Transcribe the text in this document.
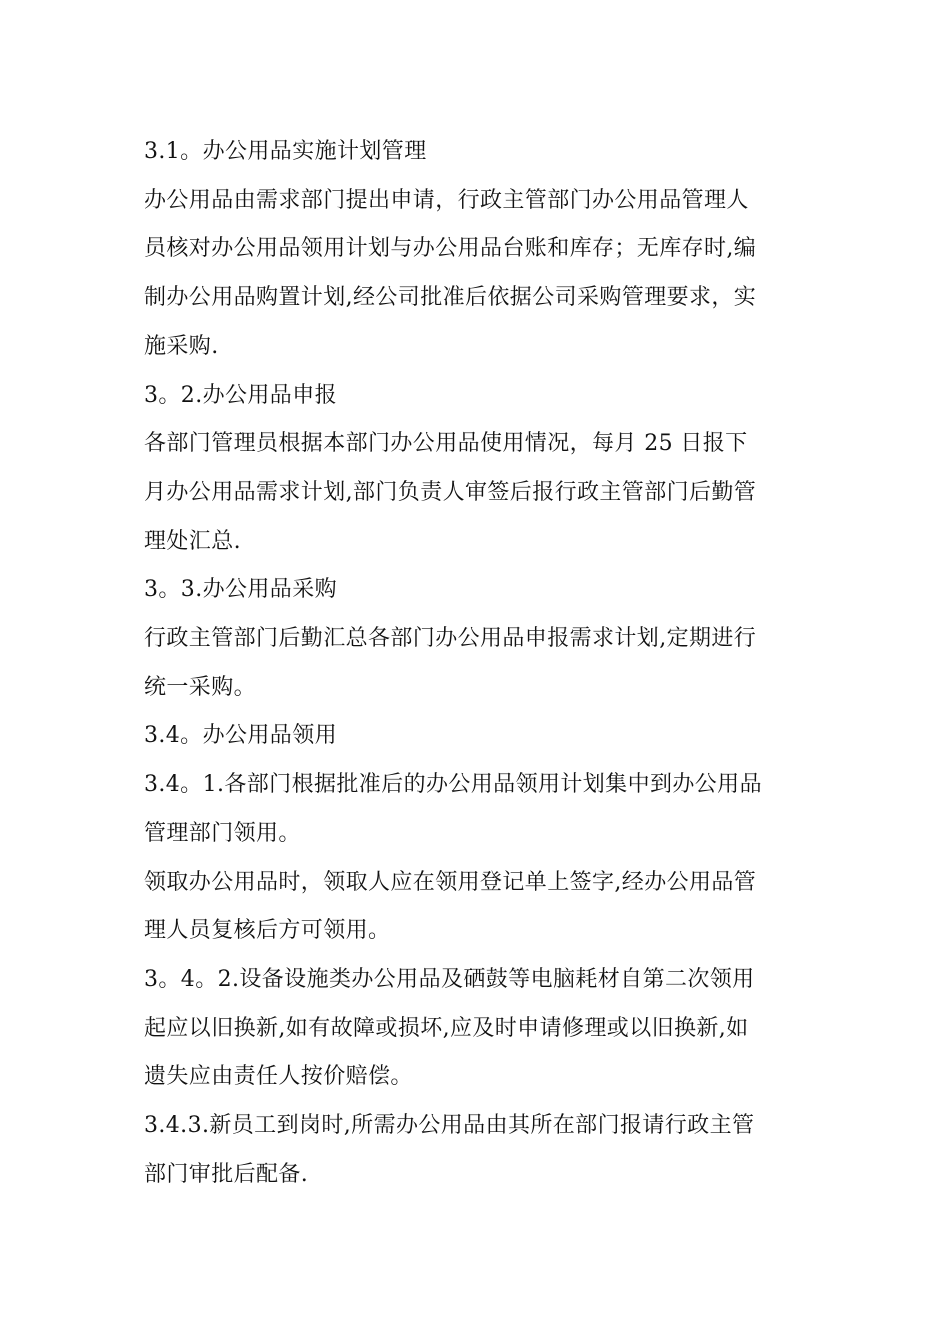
3.1。办公用品实施计划管理

办公用品由需求部门提出申请，行政主管部门办公用品管理人
员核对办公用品领用计划与办公用品台账和库存；无库存时,编
制办公用品购置计划,经公司批准后依据公司采购管理要求，实
施采购.

3。2.办公用品申报

各部门管理员根据本部门办公用品使用情况，每月 25 日报下
月办公用品需求计划,部门负责人审签后报行政主管部门后勤管
理处汇总.

3。3.办公用品采购

行政主管部门后勤汇总各部门办公用品申报需求计划,定期进行
统一采购。

3.4。办公用品领用

3.4。1.各部门根据批准后的办公用品领用计划集中到办公用品
管理部门领用。

领取办公用品时，领取人应在领用登记单上签字,经办公用品管
理人员复核后方可领用。

3。4。2.设备设施类办公用品及硒鼓等电脑耗材自第二次领用
起应以旧换新,如有故障或损坏,应及时申请修理或以旧换新,如
遗失应由责任人按价赔偿。

3.4.3.新员工到岗时,所需办公用品由其所在部门报请行政主管
部门审批后配备.
